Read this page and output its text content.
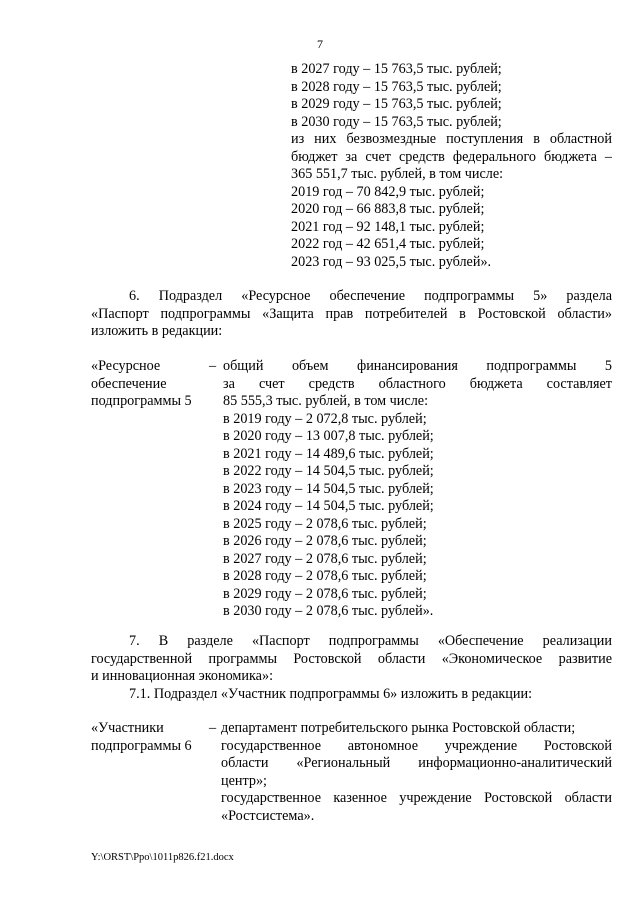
7
в 2027 году – 15 763,5 тыс. рублей;
в 2028 году – 15 763,5 тыс. рублей;
в 2029 году – 15 763,5 тыс. рублей;
в 2030 году – 15 763,5 тыс. рублей;
из них безвозмездные поступления в областной
бюджет за счет средств федерального бюджета –
365 551,7 тыс. рублей, в том числе:
2019 год – 70 842,9 тыс. рублей;
2020 год – 66 883,8 тыс. рублей;
2021 год – 92 148,1 тыс. рублей;
2022 год – 42 651,4 тыс. рублей;
2023 год – 93 025,5 тыс. рублей».
6. Подраздел «Ресурсное обеспечение подпрограммы 5» раздела
«Паспорт подпрограммы «Защита прав потребителей в Ростовской области»
изложить в редакции:
«Ресурсное
обеспечение
подпрограммы 5
– общий объем финансирования подпрограммы 5
за счет средств областного бюджета составляет
85 555,3 тыс. рублей, в том числе:
в 2019 году – 2 072,8 тыс. рублей;
в 2020 году – 13 007,8 тыс. рублей;
в 2021 году – 14 489,6 тыс. рублей;
в 2022 году – 14 504,5 тыс. рублей;
в 2023 году – 14 504,5 тыс. рублей;
в 2024 году – 14 504,5 тыс. рублей;
в 2025 году – 2 078,6 тыс. рублей;
в 2026 году – 2 078,6 тыс. рублей;
в 2027 году – 2 078,6 тыс. рублей;
в 2028 году – 2 078,6 тыс. рублей;
в 2029 году – 2 078,6 тыс. рублей;
в 2030 году – 2 078,6 тыс. рублей».
7. В разделе «Паспорт подпрограммы «Обеспечение реализации
государственной программы Ростовской области «Экономическое развитие
и инновационная экономика»:
7.1. Подраздел «Участник подпрограммы 6» изложить в редакции:
«Участники
подпрограммы 6
– департамент потребительского рынка Ростовской области;
государственное автономное учреждение Ростовской
области «Региональный информационно-аналитический
центр»;
государственное казенное учреждение Ростовской области
«Ростсистема».
Y:\ORST\Ppo\1011p826.f21.docx
